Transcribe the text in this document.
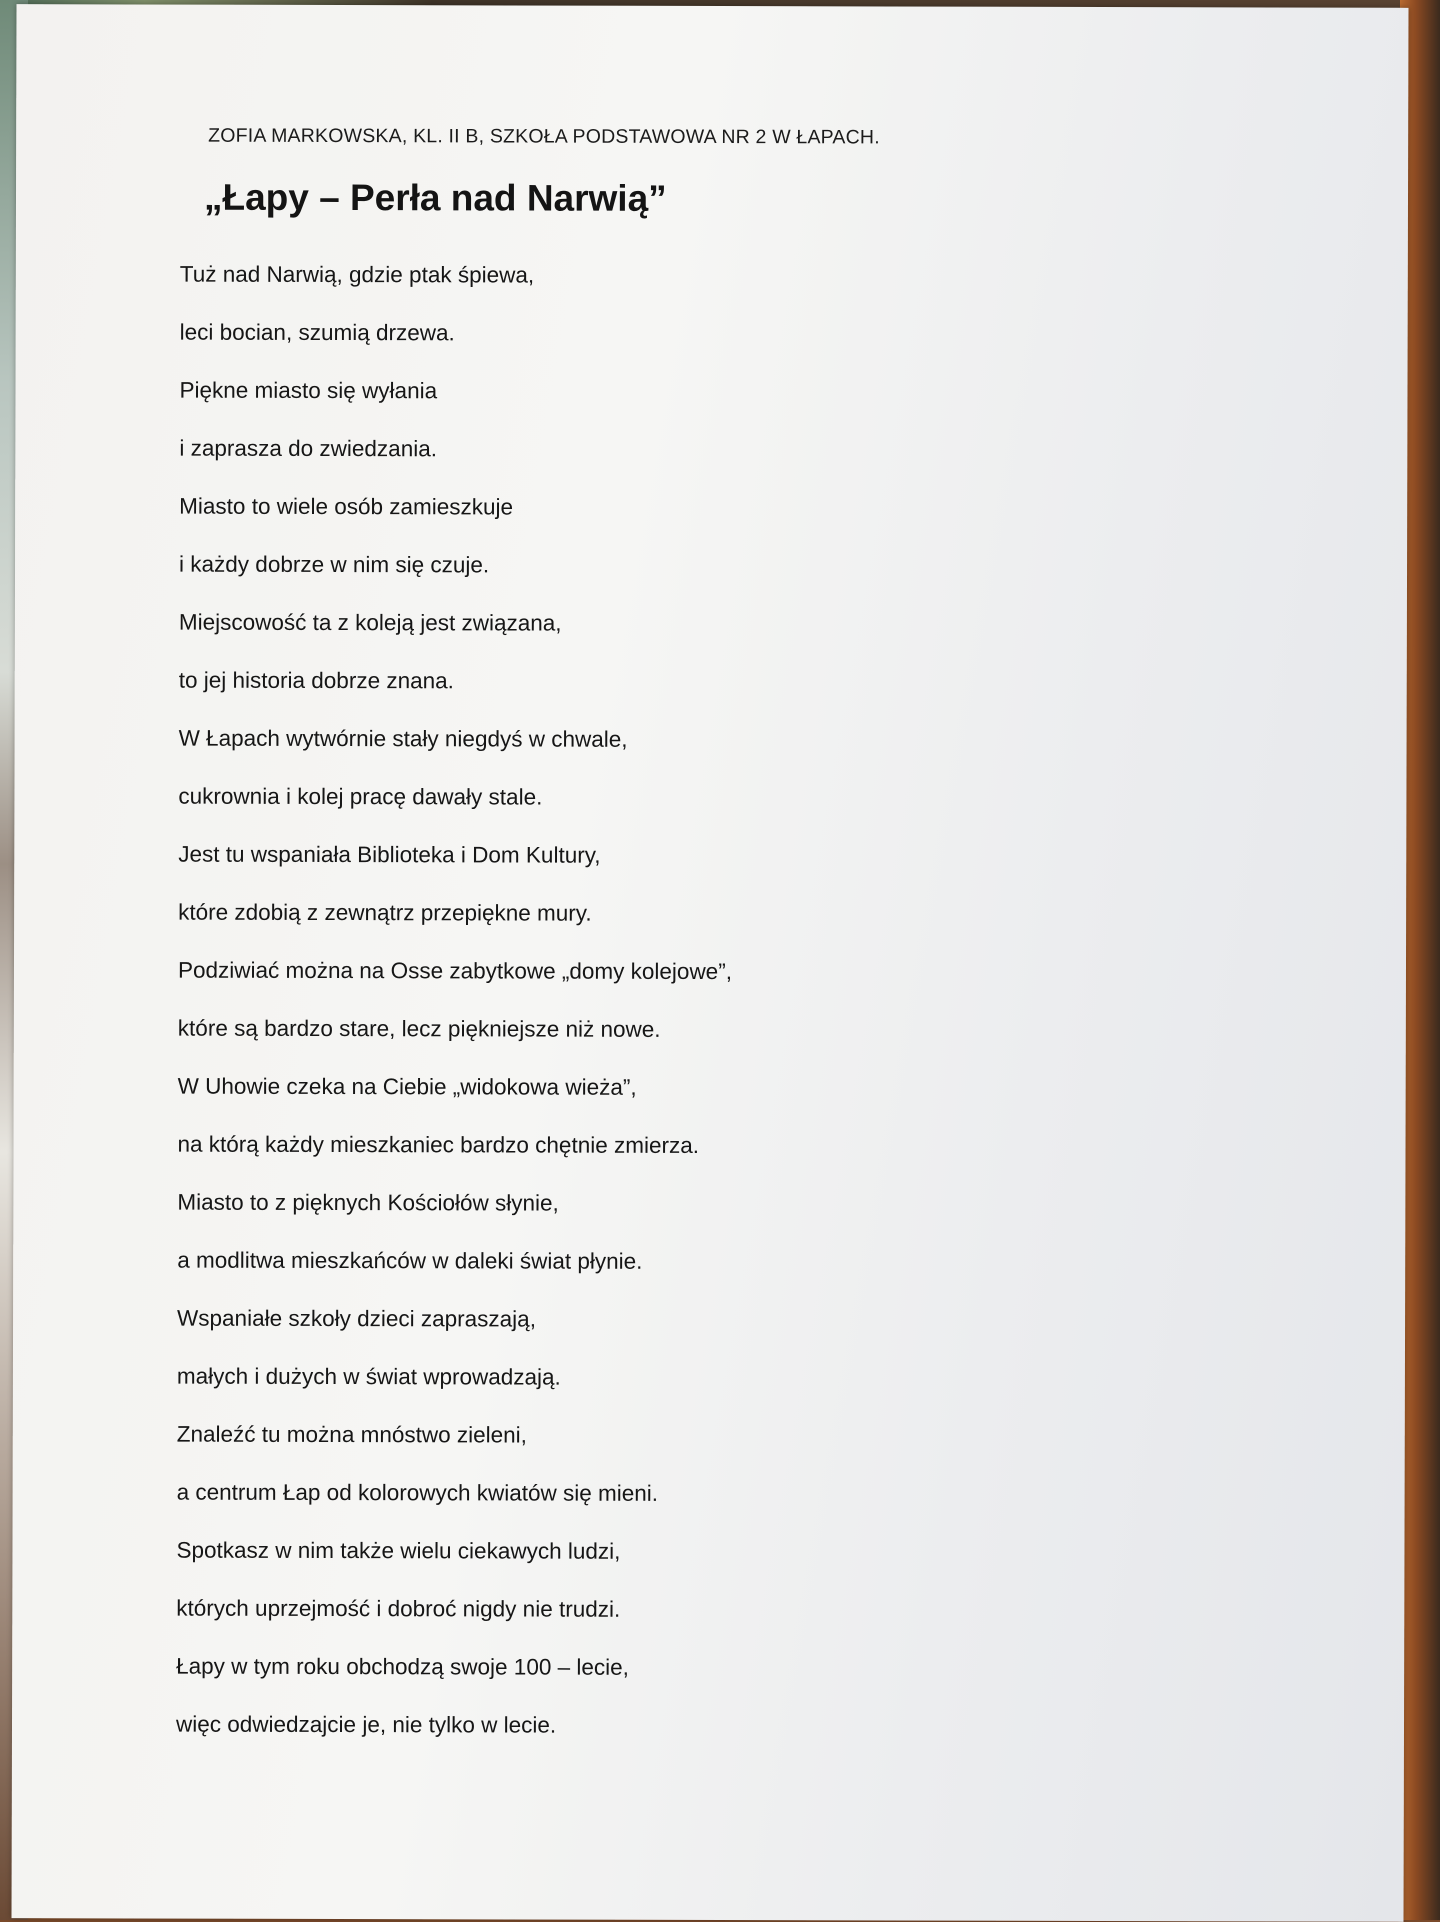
ZOFIA MARKOWSKA, KL. II B, SZKOŁA PODSTAWOWA NR 2 W ŁAPACH.

„Łapy – Perła nad Narwią”
Tuż nad Narwią, gdzie ptak śpiewa,
leci bocian, szumią drzewa.
Piękne miasto się wyłania
i zaprasza do zwiedzania.
Miasto to wiele osób zamieszkuje
i każdy dobrze w nim się czuje.
Miejscowość ta z koleją jest związana,
to jej historia dobrze znana.
W Łapach wytwórnie stały niegdyś w chwale,
cukrownia i kolej pracę dawały stale.
Jest tu wspaniała Biblioteka i Dom Kultury,
które zdobią z zewnątrz przepiękne mury.
Podziwiać można na Osse zabytkowe „domy kolejowe”,
które są bardzo stare, lecz piękniejsze niż nowe.
W Uhowie czeka na Ciebie „widokowa wieża”,
na którą każdy mieszkaniec bardzo chętnie zmierza.
Miasto to z pięknych Kościołów słynie,
a modlitwa mieszkańców w daleki świat płynie.
Wspaniałe szkoły dzieci zapraszają,
małych i dużych w świat wprowadzają.
Znaleźć tu można mnóstwo zieleni,
a centrum Łap od kolorowych kwiatów się mieni.
Spotkasz w nim także wielu ciekawych ludzi,
których uprzejmość i dobroć nigdy nie trudzi.
Łapy w tym roku obchodzą swoje 100 – lecie,
więc odwiedzajcie je, nie tylko w lecie.
